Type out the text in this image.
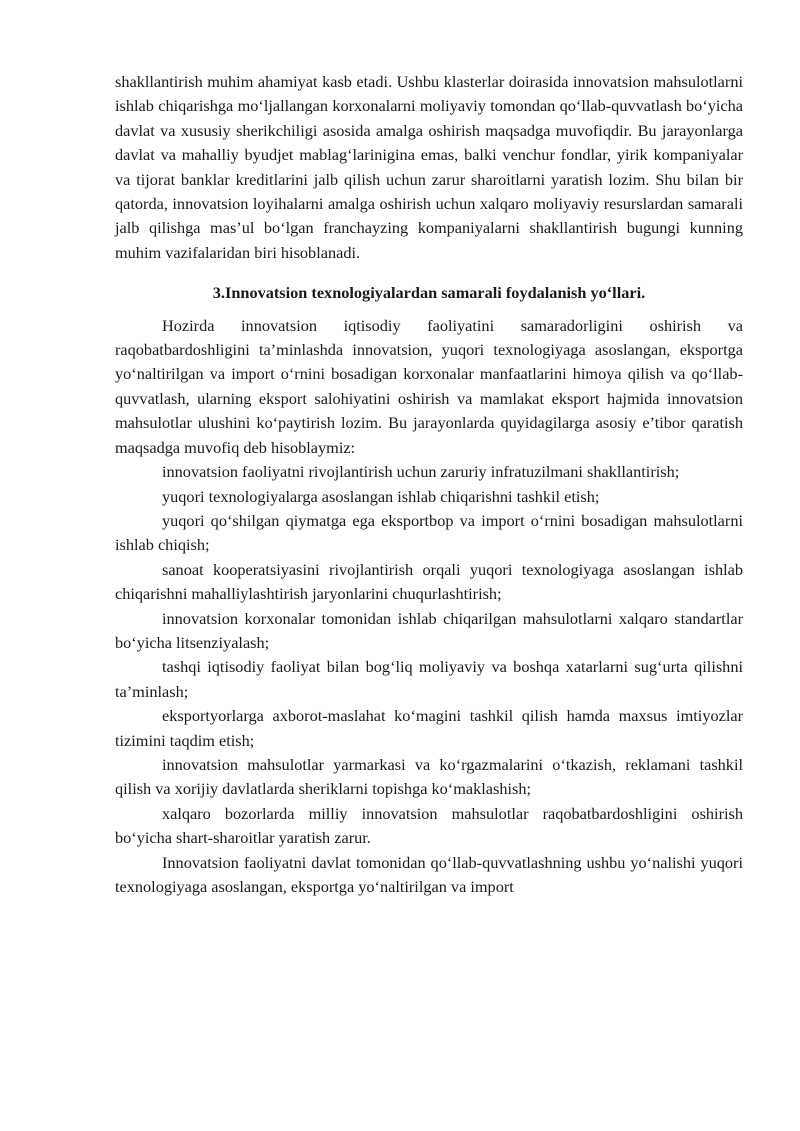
shakllantirish muhim ahamiyat kasb etadi. Ushbu klasterlar doirasida innovatsion mahsulotlarni ishlab chiqarishga mo‘ljallangan korxonalarni moliyaviy tomondan qo‘llab-quvvatlash bo‘yicha davlat va xususiy sherikchiligi asosida amalga oshirish maqsadga muvofiqdir. Bu jarayonlarga davlat va mahalliy byudjet mablag‘larinigina emas, balki venchur fondlar, yirik kompaniyalar va tijorat banklar kreditlarini jalb qilish uchun zarur sharoitlarni yaratish lozim. Shu bilan bir qatorda, innovatsion loyihalarni amalga oshirish uchun xalqaro moliyaviy resurslardan samarali jalb qilishga mas’ul bo‘lgan franchayzing kompaniyalarni shakllantirish bugungi kunning muhim vazifalaridan biri hisoblanadi.

3.Innovatsion texnologiyalardan samarali foydalanish yo‘llari.

Hozirda innovatsion iqtisodiy faoliyatini samaradorligini oshirish va raqobatbardoshligini ta’minlashda innovatsion, yuqori texnologiyaga asoslangan, eksportga yo‘naltirilgan va import o‘rnini bosadigan korxonalar manfaatlarini himoya qilish va qo‘llab-quvvatlash, ularning eksport salohiyatini oshirish va mamlakat eksport hajmida innovatsion mahsulotlar ulushini ko‘paytirish lozim. Bu jarayonlarda quyidagilarga asosiy e’tibor qaratish maqsadga muvofiq deb hisoblaymiz:

innovatsion faoliyatni rivojlantirish uchun zaruriy infratuzilmani shakllantirish;

yuqori texnologiyalarga asoslangan ishlab chiqarishni tashkil etish;

yuqori qo‘shilgan qiymatga ega eksportbop va import o‘rnini bosadigan mahsulotlarni ishlab chiqish;

sanoat kooperatsiyasini rivojlantirish orqali yuqori texnologiyaga asoslangan ishlab chiqarishni mahalliylashtirish jaryonlarini chuqurlashtirish;

innovatsion korxonalar tomonidan ishlab chiqarilgan mahsulotlarni xalqaro standartlar bo‘yicha litsenziyalash;

tashqi iqtisodiy faoliyat bilan bog‘liq moliyaviy va boshqa xatarlarni sug‘urta qilishni ta’minlash;

eksportyorlarga axborot-maslahat ko‘magini tashkil qilish hamda maxsus imtiyozlar tizimini taqdim etish;

innovatsion mahsulotlar yarmarkasi va ko‘rgazmalarini o‘tkazish, reklamani tashkil qilish va xorijiy davlatlarda sheriklarni topishga ko‘maklashish;

xalqaro bozorlarda milliy innovatsion mahsulotlar raqobatbardoshligini oshirish bo‘yicha shart-sharoitlar yaratish zarur.

Innovatsion faoliyatni davlat tomonidan qo‘llab-quvvatlashning ushbu yo‘nalishi yuqori texnologiyaga asoslangan, eksportga yo‘naltirilgan va import
